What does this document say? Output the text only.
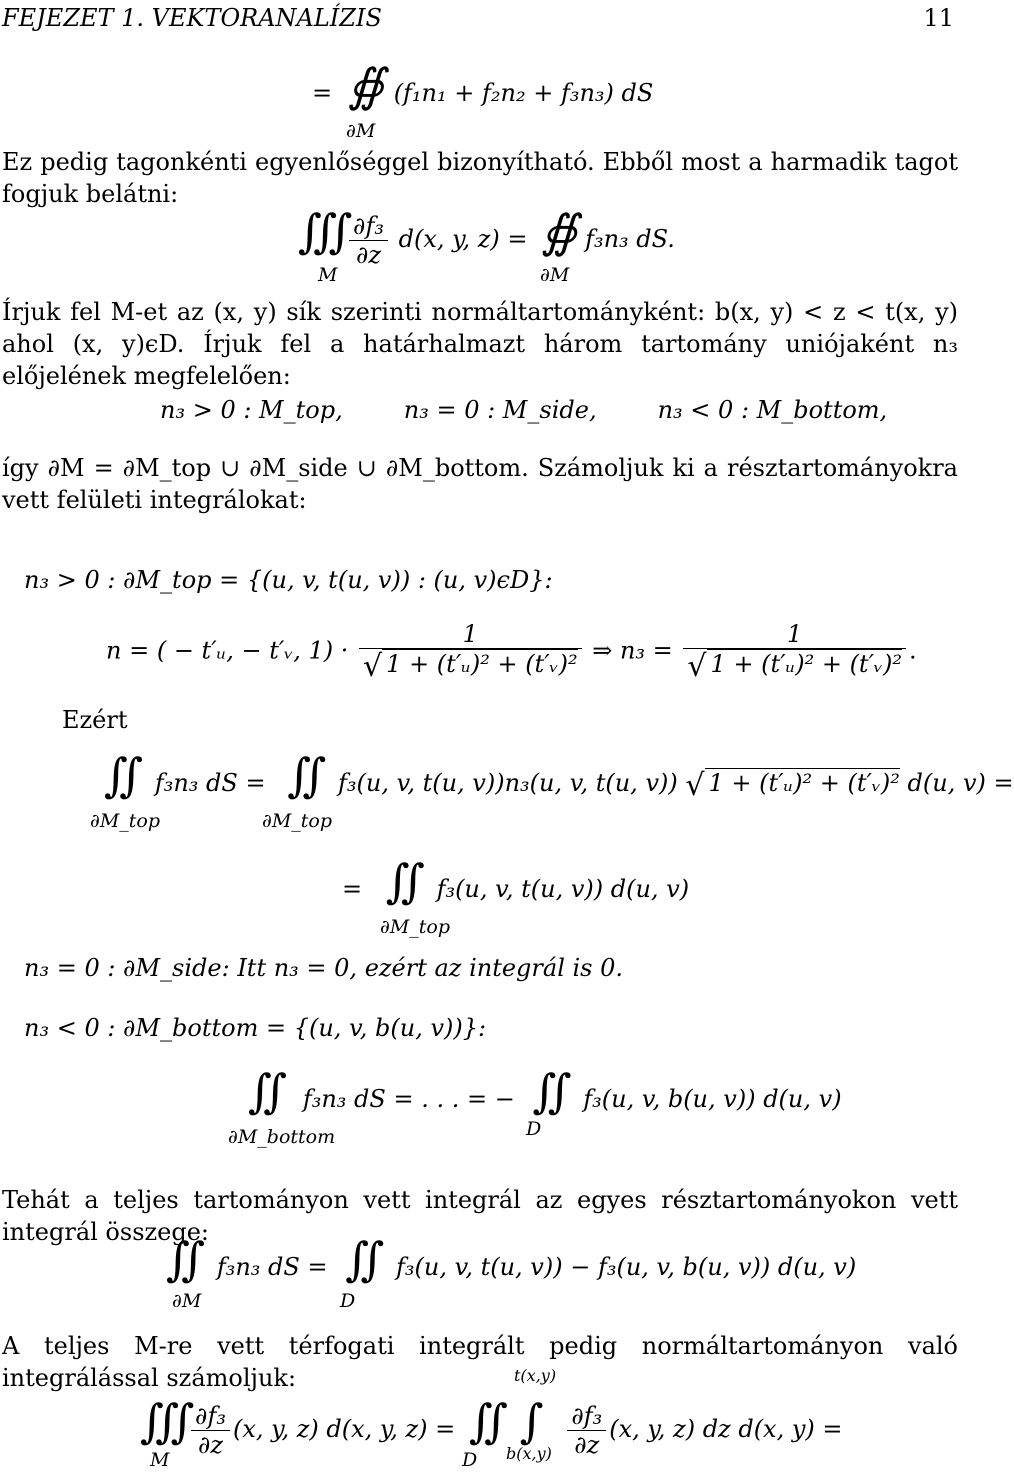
FEJEZET 1. VEKTORANALÍZIS	11
= ∯ (f₁n₁ + f₂n₂ + f₃n₃) dS
∂M
Ez pedig tagonkénti egyenlőséggel bizonyítható. Ebből most a harmadik tagot fogjuk belátni:
∭ $\frac{\text{∂f₃}}{\partial z} d(x$, y, z) = ∯ f₃n₃ dS.
M	∂M
Írjuk fel M-et az (x, y) sík szerinti normáltartományként: b(x, y) < z < t(x, y) ahol (x, y)ϵD. Írjuk fel a határhalmazt három tartomány uniójaként n₃ előjelének megfelelően:
n₃ > 0 : M_top,        n₃ = 0 : M_side,        n₃ < 0 : M_bottom,
így ∂M = ∂M_top ∪ ∂M_side ∪ ∂M_bottom. Számoljuk ki a résztartományokra vett felületi integrálokat:
n₃ > 0 : ∂M_top = {(u, v, t(u, v)) : (u, v)ϵD}:
n = ( − t′ᵤ, − t′ᵥ, $1) \cdot \frac{1}{\text{√ 1 + (t′ᵤ)² + (t′ᵥ)²}}$ ⇒ $n_3 = \frac{1}{\text{√ 1 + (t′ᵤ)² + (t′ᵥ)²}}$ .
Ezért
∬ f₃n₃ dS = ∬ f₃(u, v, t(u, v))n₃(u, v, t(u, v)) √ 1 + (t′ᵤ)² + (t′ᵥ)² d(u, v) =
∂M_top	∂M_top
= ∬ f₃(u, v, t(u, v)) d(u, v)
∂M_top
n₃ = 0 : ∂M_side: Itt n₃ = 0, ezért az integrál is 0.
n₃ < 0 : ∂M_bottom = {(u, v, b(u, v))}:
∬ f₃n₃ dS = . . . = − ∬ f₃(u, v, b(u, v)) d(u, v)
∂M_bottom	D
Tehát a teljes tartományon vett integrál az egyes résztartományokon vett integrál összege:
∬ f₃n₃ dS = ∬ f₃(u, v, t(u, v)) − f₃(u, v, b(u, v)) d(u, v)
∂M	D
A teljes M-re vett térfogati integrált pedig normáltartományon való integrálással számoljuk:
∭ $\frac{\text{∂f₃}}{\partial z} (x$, y, z) d(x, y, z) = ∬ ∫ $\frac{\text{∂f₃}}{\partial z} (x$, y, z) dz d(x, y) =
M	D
t(x,y)
b(x,y)
